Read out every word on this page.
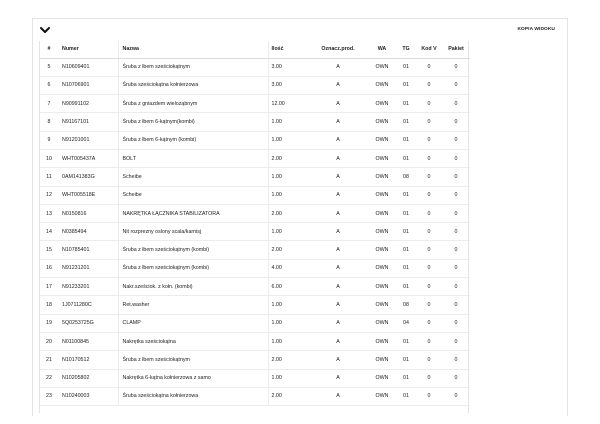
KOPIA WIDOKU
#	Numer	Nazwa	Ilość	Oznacz.prod.	WA	TG	Kod V	Pakiet
5	N10609401	Śruba z łbem sześciokątnym	3.00	A	OWN	01	0	0
6	N10706901	Śruba sześciokątna kołnierzowa	3.00	A	OWN	01	0	0
7	N90991102	Śruba z gniazdem wieloząbnym	12.00	A	OWN	01	0	0
8	N91167101	Śruba z łbem 6-kątnym(kombi)	1.00	A	OWN	01	0	0
9	N91201001	Śruba z łbem 6-kątnym (kombi)	1.00	A	OWN	01	0	0
10	WHT005437A	BOLT	2.00	A	OWN	01	0	0
11	0AM141383G	Scheibe	1.00	A	OWN	08	0	0
12	WHT005518E	Scheibe	1.00	A	OWN	01	0	0
13	N0150816	NAKRĘTKA ŁĄCZNIKA STABILIZATORA	2.00	A	OWN	01	0	0
14	N0385494	Nit rozprezny oslony scala/karnisj	1.00	A	OWN	01	0	0
15	N10785401	Śruba z łbem sześciokątnym (kombi)	2.00	A	OWN	01	0	0
16	N91231201	Śruba z łbem sześciokątnym (kombi)	4.00	A	OWN	01	0	0
17	N91233201	Nakr.sześciok. z kołn. (kombi)	6.00	A	OWN	01	0	0
18	1J0711280C	Ret.washer	1.00	A	OWN	08	0	0
19	5Q0253725G	CLAMP	1.00	A	OWN	04	0	0
20	N01100845	Nakrętka sześciokątna	1.00	A	OWN	01	0	0
21	N10170512	Śruba z łbem sześciokątnym	2.00	A	OWN	01	0	0
22	N10205802	Nakrętka 6-kątna kołnierzowa z samo	1.00	A	OWN	01	0	0
23	N10240003	Śruba sześciokątna kołnierzowa	2.00	A	OWN	01	0	0
